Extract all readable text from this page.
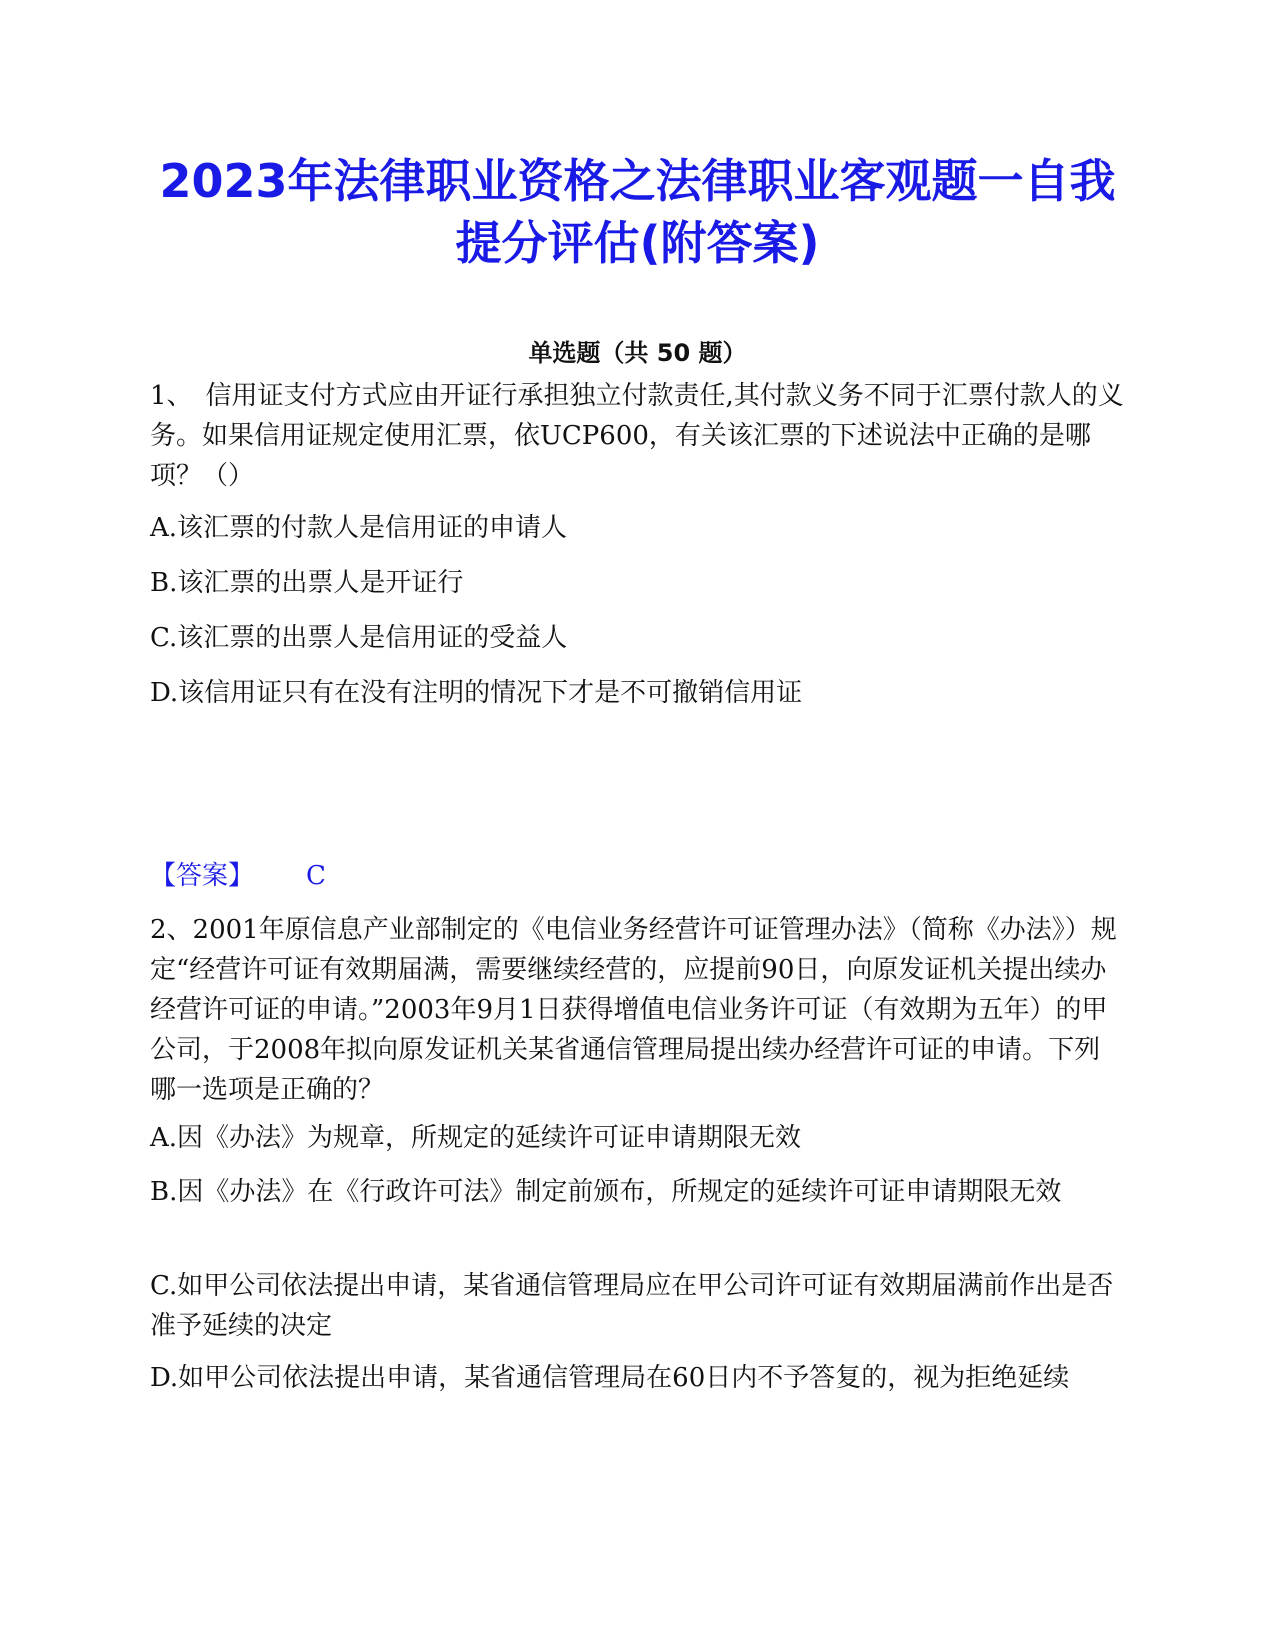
2023年法律职业资格之法律职业客观题一自我提分评估(附答案)
单选题（共 50 题）

1、　信用证支付方式应由开证行承担独立付款责任,其付款义务不同于汇票付款人的义务。如果信用证规定使用汇票，依UCP600，有关该汇票的下述说法中正确的是哪项？（）

A.该汇票的付款人是信用证的申请人

B.该汇票的出票人是开证行

C.该汇票的出票人是信用证的受益人

D.该信用证只有在没有注明的情况下才是不可撤销信用证

【答案】 C

2、2001年原信息产业部制定的《电信业务经营许可证管理办法》（简称《办法》）规定“经营许可证有效期届满，需要继续经营的，应提前90日，向原发证机关提出续办经营许可证的申请。”2003年9月1日获得增值电信业务许可证（有效期为五年）的甲公司，于2008年拟向原发证机关某省通信管理局提出续办经营许可证的申请。下列哪一选项是正确的？

A.因《办法》为规章，所规定的延续许可证申请期限无效

B.因《办法》在《行政许可法》制定前颁布，所规定的延续许可证申请期限无效

C.如甲公司依法提出申请，某省通信管理局应在甲公司许可证有效期届满前作出是否准予延续的决定

D.如甲公司依法提出申请，某省通信管理局在60日内不予答复的，视为拒绝延续
